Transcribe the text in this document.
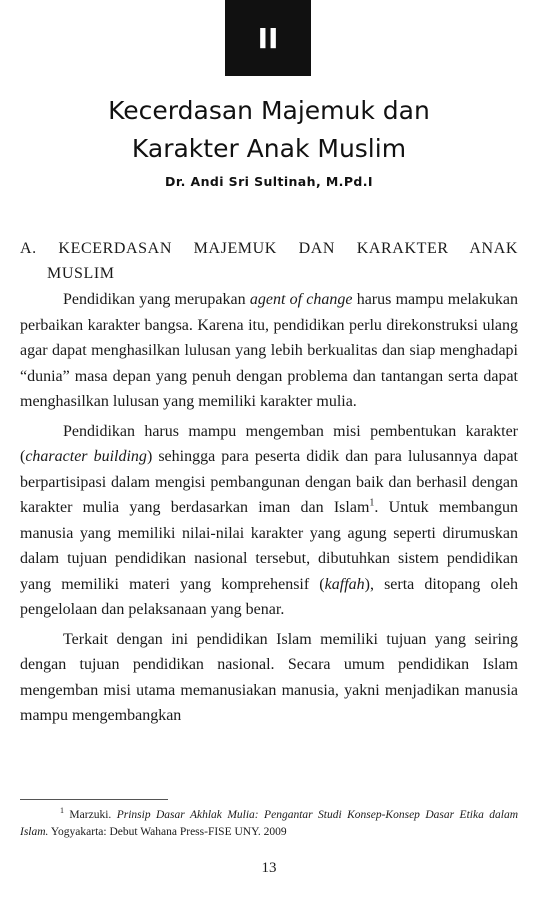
II
Kecerdasan Majemuk dan
Karakter Anak Muslim
Dr. Andi Sri Sultinah, M.Pd.I
A. KECERDASAN MAJEMUK DAN KARAKTER ANAK
MUSLIM

Pendidikan yang merupakan agent of change harus mampu melakukan perbaikan karakter bangsa. Karena itu, pendidikan perlu direkonstruksi ulang agar dapat menghasilkan lulusan yang lebih berkualitas dan siap menghadapi “dunia” masa depan yang penuh dengan problema dan tantangan serta dapat menghasilkan lulusan yang memiliki karakter mulia.

Pendidikan harus mampu mengemban misi pembentukan karakter (character building) sehingga para peserta didik dan para lulusannya dapat berpartisipasi dalam mengisi pembangunan dengan baik dan berhasil dengan karakter mulia yang berdasarkan iman dan Islam$^1$. Untuk membangun manusia yang memiliki nilai-nilai karakter yang agung seperti dirumuskan dalam tujuan pendidikan nasional tersebut, dibutuhkan sistem pendidikan yang memiliki materi yang komprehensif (kaffah), serta ditopang oleh pengelolaan dan pelaksanaan yang benar.

Terkait dengan ini pendidikan Islam memiliki tujuan yang seiring dengan tujuan pendidikan nasional. Secara umum pendidikan Islam mengemban misi utama memanusiakan manusia, yakni menjadikan manusia mampu mengembangkan

$^1$ Marzuki. Prinsip Dasar Akhlak Mulia: Pengantar Studi Konsep-Konsep Dasar Etika dalam Islam. Yogyakarta: Debut Wahana Press-FISE UNY. 2009
13
